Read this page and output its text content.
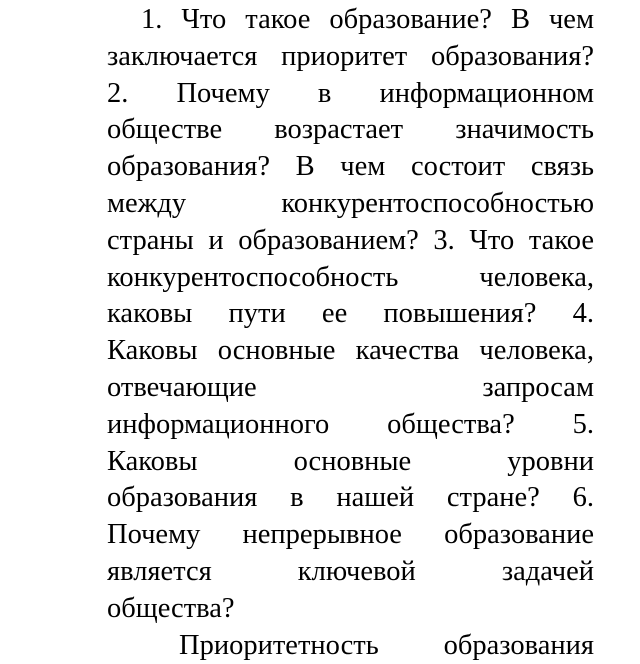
1. Что такое образование? В чем
заключается приоритет образования?
2. Почему в информационном
обществе возрастает значимость
образования? В чем состоит связь
между	конкурентоспособностью
страны и образованием? 3. Что такое
конкурентоспособность	человека,
каковы пути ее повышения? 4.
Каковы основные качества человека,
отвечающие	запросам
информационного общества? 5.
Каковы	основные	уровни
образования в нашей стране? 6.
Почему непрерывное образование
является	ключевой	задачей
общества?
Приоритетность образования
